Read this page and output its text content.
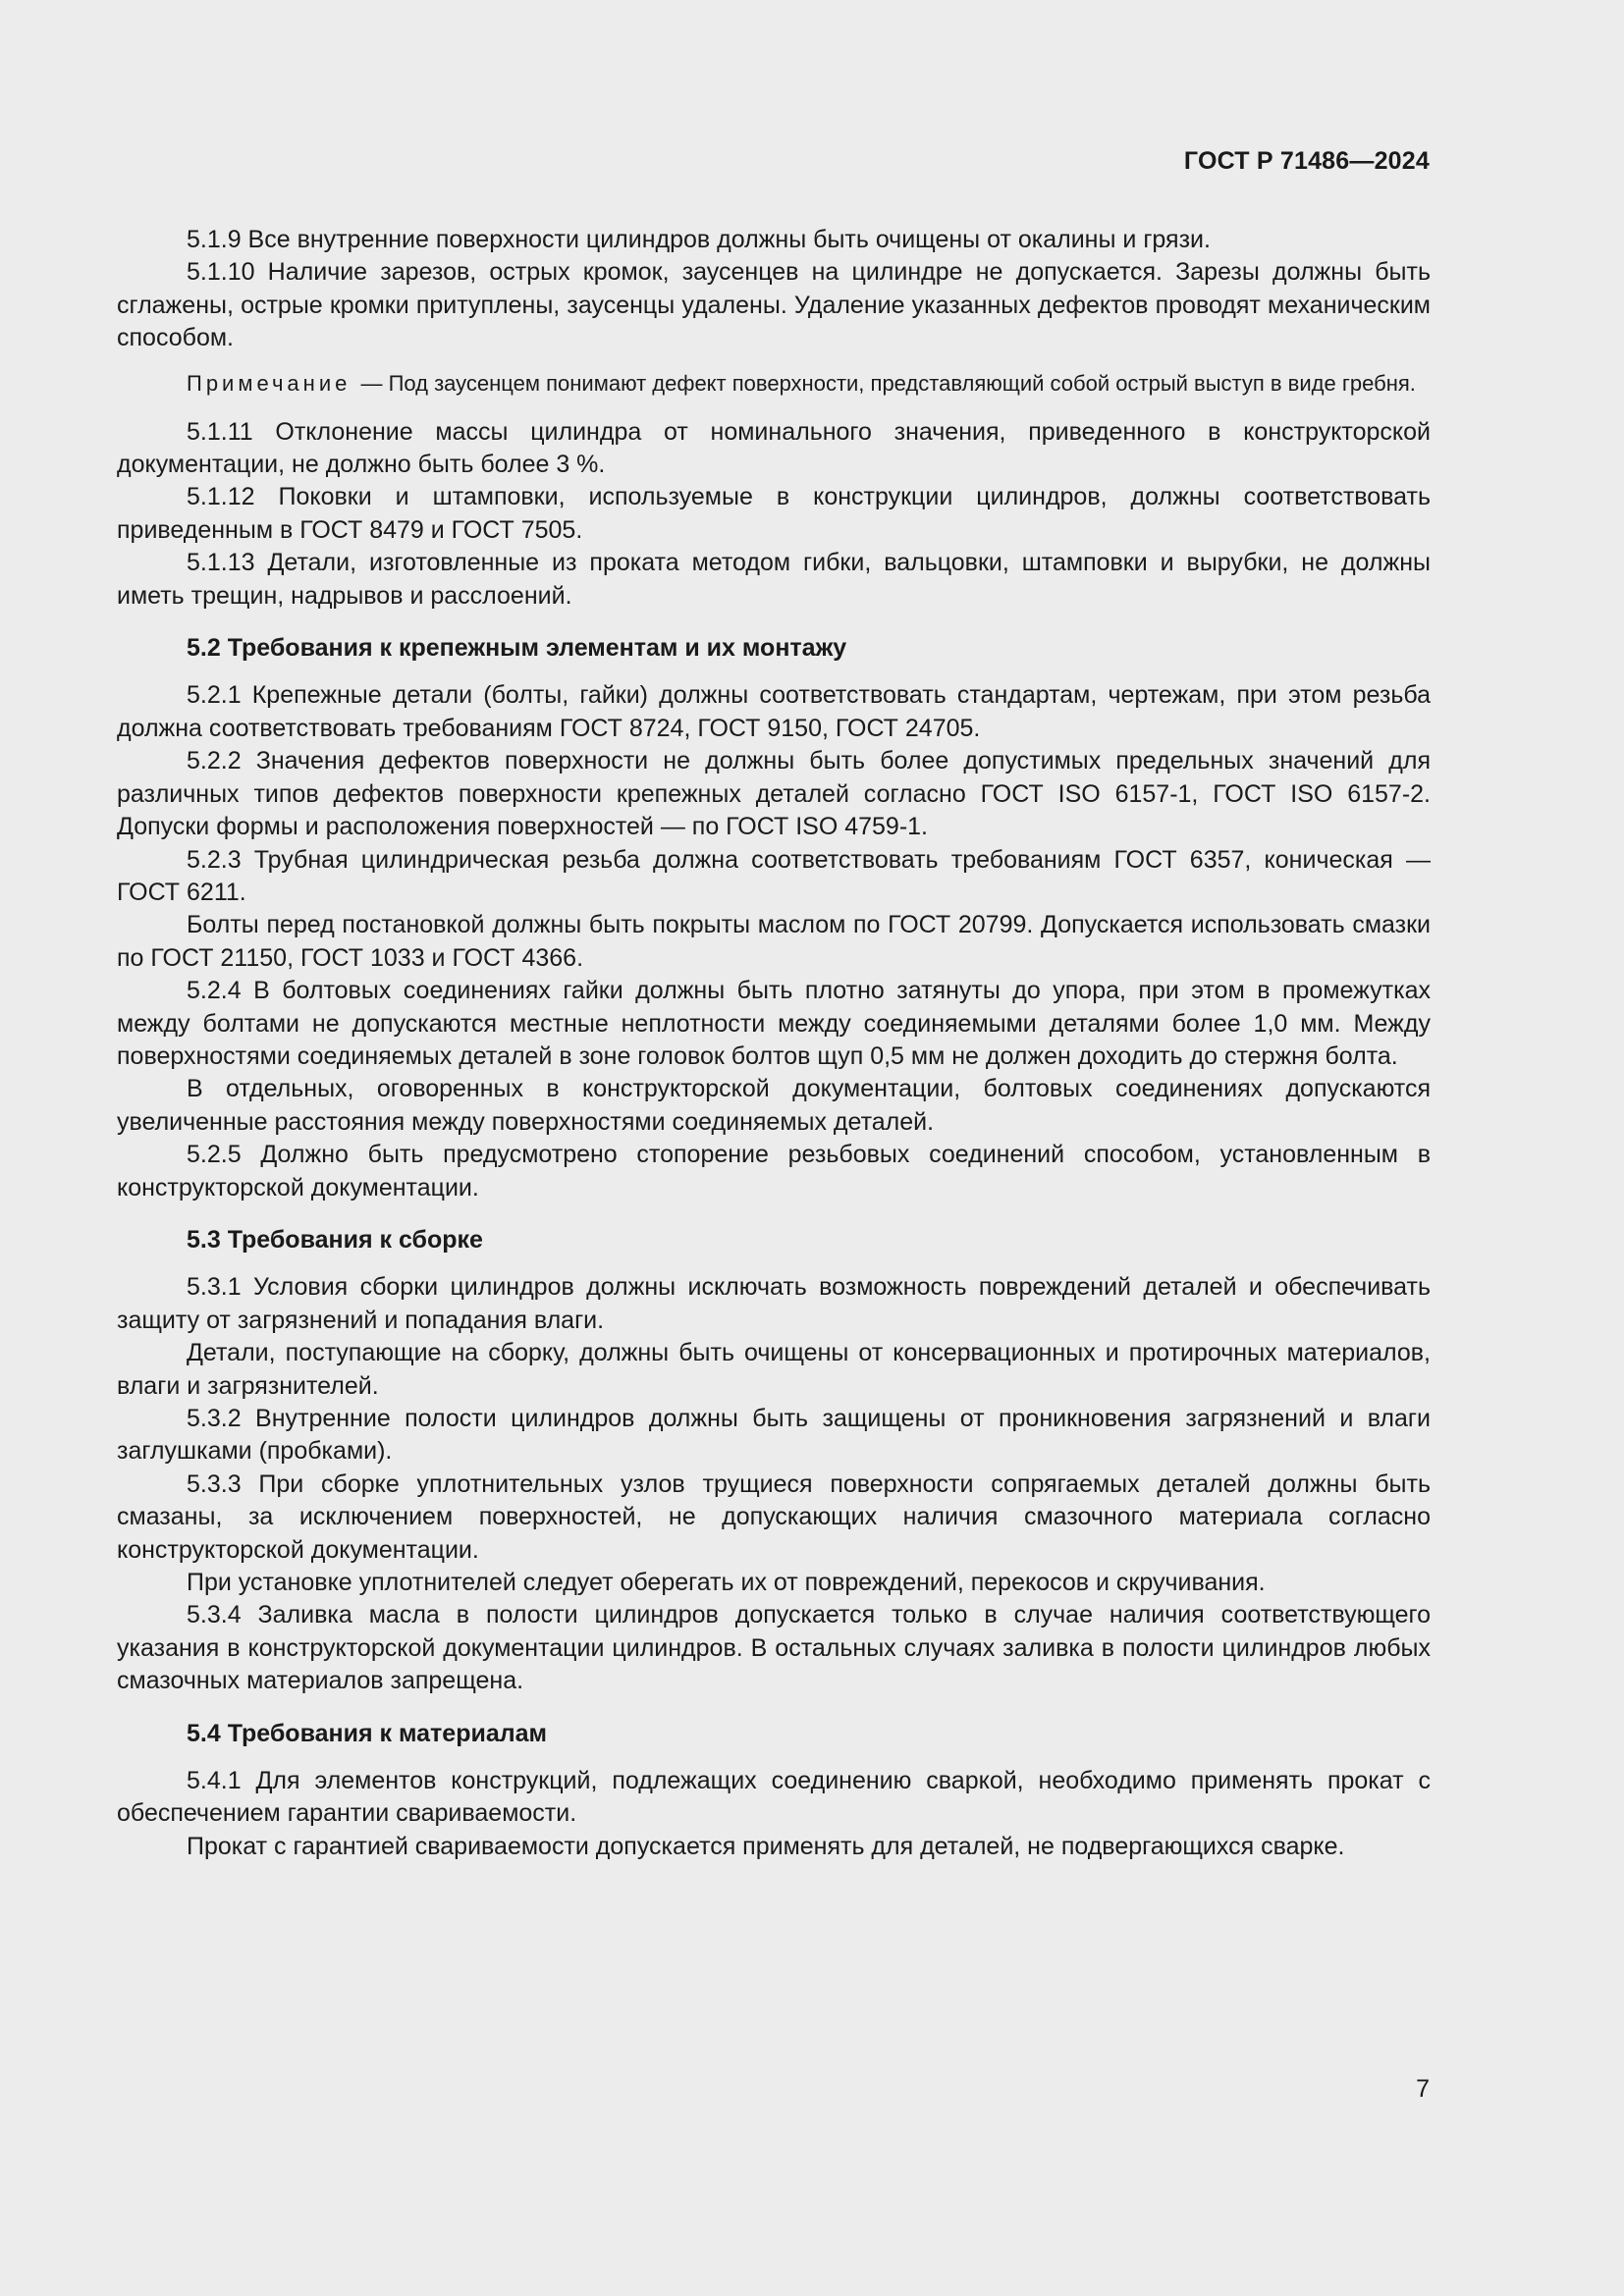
ГОСТ Р 71486—2024

5.1.9 Все внутренние поверхности цилиндров должны быть очищены от окалины и грязи.

5.1.10 Наличие зарезов, острых кромок, заусенцев на цилиндре не допускается. Зарезы должны быть сглажены, острые кромки притуплены, заусенцы удалены. Удаление указанных дефектов проводят механическим способом.

Примечание — Под заусенцем понимают дефект поверхности, представляющий собой острый выступ в виде гребня.

5.1.11 Отклонение массы цилиндра от номинального значения, приведенного в конструкторской документации, не должно быть более 3 %.

5.1.12 Поковки и штамповки, используемые в конструкции цилиндров, должны соответствовать приведенным в ГОСТ 8479 и ГОСТ 7505.

5.1.13 Детали, изготовленные из проката методом гибки, вальцовки, штамповки и вырубки, не должны иметь трещин, надрывов и расслоений.

5.2 Требования к крепежным элементам и их монтажу

5.2.1 Крепежные детали (болты, гайки) должны соответствовать стандартам, чертежам, при этом резьба должна соответствовать требованиям ГОСТ 8724, ГОСТ 9150, ГОСТ 24705.

5.2.2 Значения дефектов поверхности не должны быть более допустимых предельных значений для различных типов дефектов поверхности крепежных деталей согласно ГОСТ ISO 6157-1, ГОСТ ISO 6157-2. Допуски формы и расположения поверхностей — по ГОСТ ISO 4759-1.

5.2.3 Трубная цилиндрическая резьба должна соответствовать требованиям ГОСТ 6357, коническая — ГОСТ 6211.

Болты перед постановкой должны быть покрыты маслом по ГОСТ 20799. Допускается использовать смазки по ГОСТ 21150, ГОСТ 1033 и ГОСТ 4366.

5.2.4 В болтовых соединениях гайки должны быть плотно затянуты до упора, при этом в промежутках между болтами не допускаются местные неплотности между соединяемыми деталями более 1,0 мм. Между поверхностями соединяемых деталей в зоне головок болтов щуп 0,5 мм не должен доходить до стержня болта.

В отдельных, оговоренных в конструкторской документации, болтовых соединениях допускаются увеличенные расстояния между поверхностями соединяемых деталей.

5.2.5 Должно быть предусмотрено стопорение резьбовых соединений способом, установленным в конструкторской документации.

5.3 Требования к сборке

5.3.1 Условия сборки цилиндров должны исключать возможность повреждений деталей и обеспечивать защиту от загрязнений и попадания влаги.

Детали, поступающие на сборку, должны быть очищены от консервационных и протирочных материалов, влаги и загрязнителей.

5.3.2 Внутренние полости цилиндров должны быть защищены от проникновения загрязнений и влаги заглушками (пробками).

5.3.3 При сборке уплотнительных узлов трущиеся поверхности сопрягаемых деталей должны быть смазаны, за исключением поверхностей, не допускающих наличия смазочного материала согласно конструкторской документации.

При установке уплотнителей следует оберегать их от повреждений, перекосов и скручивания.

5.3.4 Заливка масла в полости цилиндров допускается только в случае наличия соответствующего указания в конструкторской документации цилиндров. В остальных случаях заливка в полости цилиндров любых смазочных материалов запрещена.

5.4 Требования к материалам

5.4.1 Для элементов конструкций, подлежащих соединению сваркой, необходимо применять прокат с обеспечением гарантии свариваемости.

Прокат с гарантией свариваемости допускается применять для деталей, не подвергающихся сварке.

7
